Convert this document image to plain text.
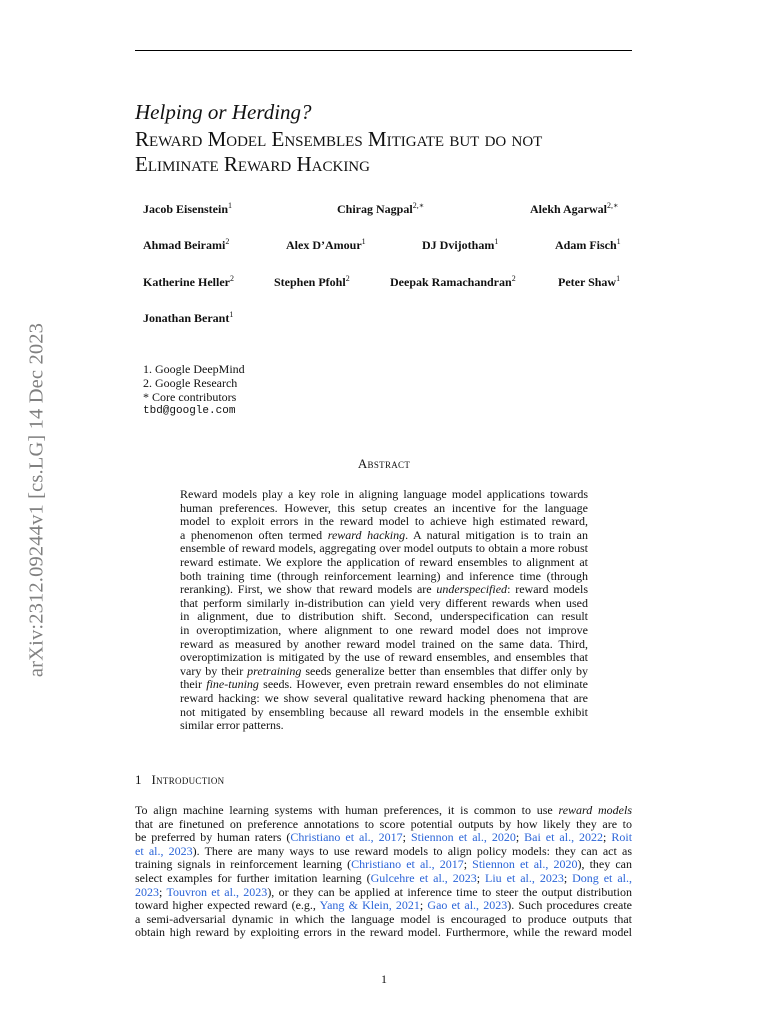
arXiv:2312.09244v1 [cs.LG] 14 Dec 2023
Helping or Herding?
Reward Model Ensembles Mitigate but do not
Eliminate Reward Hacking
Jacob Eisenstein$^1$	Chirag Nagpal$^{2,∗}$	Alekh Agarwal$^{2,∗}$
Ahmad Beirami$^2$	Alex D’Amour$^1$	DJ Dvijotham$^1$	Adam Fisch$^1$
Katherine Heller$^2$	Stephen Pfohl$^2$	Deepak Ramachandran$^2$	Peter Shaw$^1$
Jonathan Berant$^1$
1. Google DeepMind
2. Google Research
* Core contributors
tbd@google.com
Abstract
Reward models play a key role in aligning language model applications towards
human preferences. However, this setup creates an incentive for the language
model to exploit errors in the reward model to achieve high estimated reward,
a phenomenon often termed reward hacking. A natural mitigation is to train an
ensemble of reward models, aggregating over model outputs to obtain a more robust
reward estimate. We explore the application of reward ensembles to alignment at
both training time (through reinforcement learning) and inference time (through
reranking). First, we show that reward models are underspecified: reward models
that perform similarly in-distribution can yield very different rewards when used
in alignment, due to distribution shift. Second, underspecification can result
in overoptimization, where alignment to one reward model does not improve
reward as measured by another reward model trained on the same data. Third,
overoptimization is mitigated by the use of reward ensembles, and ensembles that
vary by their pretraining seeds generalize better than ensembles that differ only by
their fine-tuning seeds. However, even pretrain reward ensembles do not eliminate
reward hacking: we show several qualitative reward hacking phenomena that are
not mitigated by ensembling because all reward models in the ensemble exhibit
similar error patterns.
1 Introduction
To align machine learning systems with human preferences, it is common to use reward models
that are finetuned on preference annotations to score potential outputs by how likely they are to
be preferred by human raters (Christiano et al., 2017; Stiennon et al., 2020; Bai et al., 2022; Roit
et al., 2023). There are many ways to use reward models to align policy models: they can act as
training signals in reinforcement learning (Christiano et al., 2017; Stiennon et al., 2020), they can
select examples for further imitation learning (Gulcehre et al., 2023; Liu et al., 2023; Dong et al.,
2023; Touvron et al., 2023), or they can be applied at inference time to steer the output distribution
toward higher expected reward (e.g., Yang & Klein, 2021; Gao et al., 2023). Such procedures create
a semi-adversarial dynamic in which the language model is encouraged to produce outputs that
obtain high reward by exploiting errors in the reward model. Furthermore, while the reward model
1
